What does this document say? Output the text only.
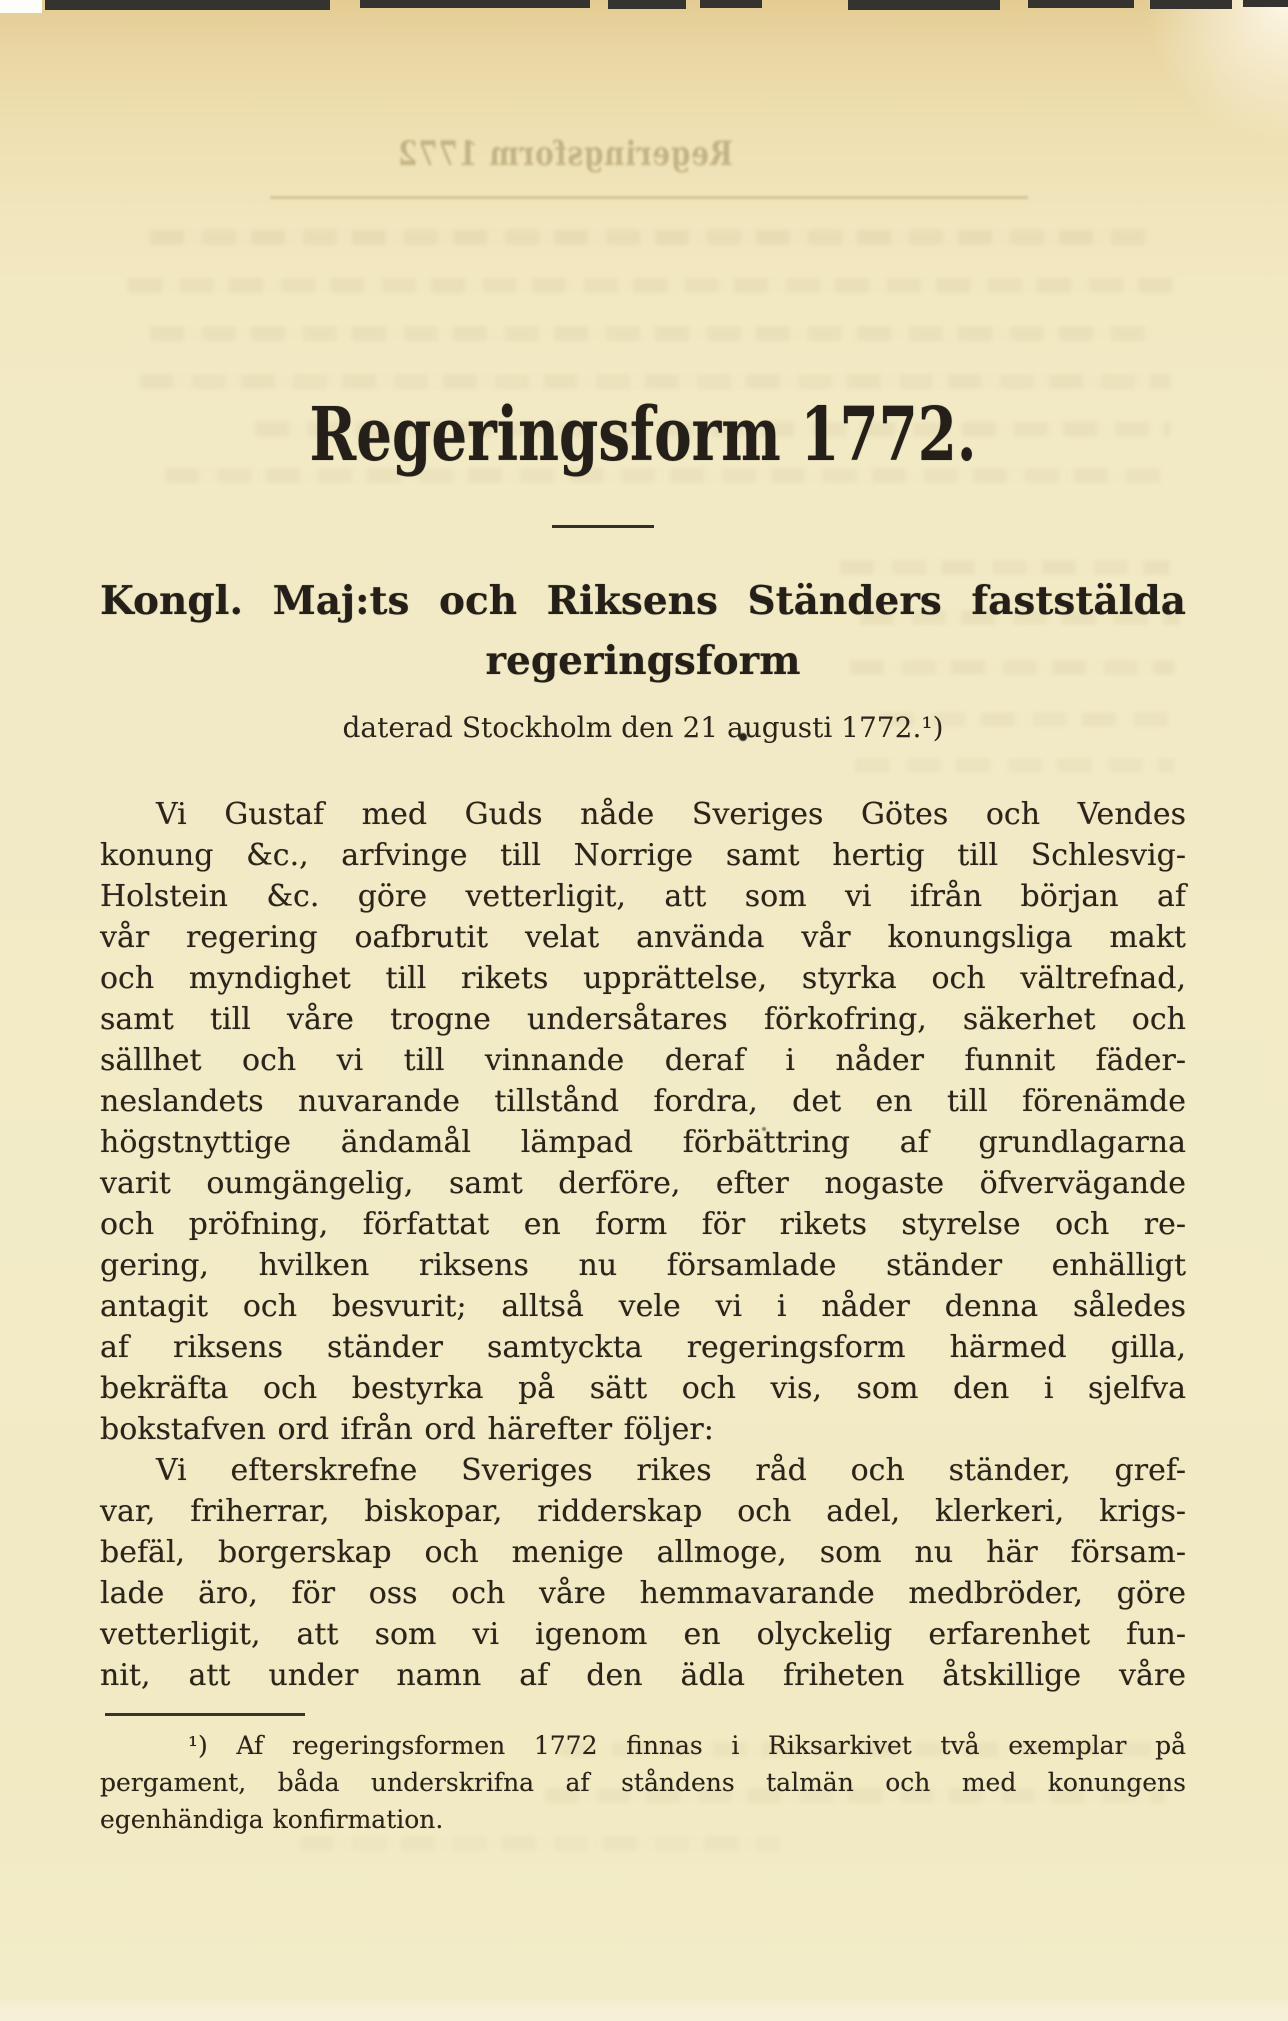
Regeringsform 1772
Regeringsform 1772.
Kongl. Maj:ts och Riksens Ständers faststälda
regeringsform
daterad Stockholm den 21 augusti 1772.¹)
Vi Gustaf med Guds nåde Sveriges Götes och Vendes
konung &c., arfvinge till Norrige samt hertig till Schlesvig-
Holstein &c. göre vetterligit, att som vi ifrån början af
vår regering oafbrutit velat använda vår konungsliga makt
och myndighet till rikets upprättelse, styrka och vältrefnad,
samt till våre trogne undersåtares förkofring, säkerhet och
sällhet och vi till vinnande deraf i nåder funnit fäder-
neslandets nuvarande tillstånd fordra, det en till förenämde
högstnyttige ändamål lämpad förbättring af grundlagarna
varit oumgängelig, samt derföre, efter nogaste öfvervägande
och pröfning, författat en form för rikets styrelse och re-
gering, hvilken riksens nu församlade ständer enhälligt
antagit och besvurit; alltså vele vi i nåder denna således
af riksens ständer samtyckta regeringsform härmed gilla,
bekräfta och bestyrka på sätt och vis, som den i sjelfva
bokstafven ord ifrån ord härefter följer:
Vi efterskrefne Sveriges rikes råd och ständer, gref-
var, friherrar, biskopar, ridderskap och adel, klerkeri, krigs-
befäl, borgerskap och menige allmoge, som nu här försam-
lade äro, för oss och våre hemmavarande medbröder, göre
vetterligit, att som vi igenom en olyckelig erfarenhet fun-
nit, att under namn af den ädla friheten åtskillige våre
¹) Af regeringsformen 1772 finnas i Riksarkivet två exemplar på
pergament, båda underskrifna af ståndens talmän och med konungens
egenhändiga konfirmation.
